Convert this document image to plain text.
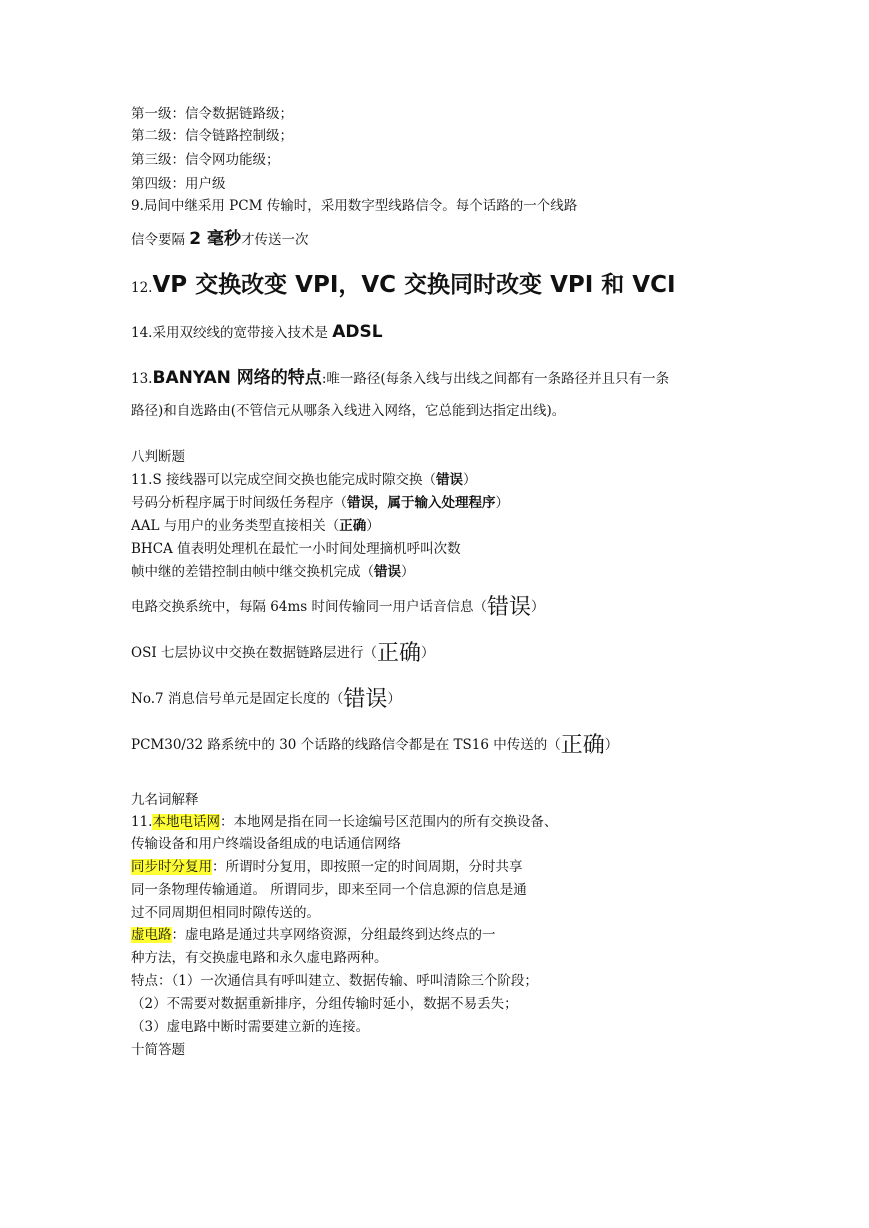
第一级：信令数据链路级；
第二级：信令链路控制级；
第三级：信令网功能级；
第四级：用户级
9.局间中继采用 PCM 传输时，采用数字型线路信令。每个话路的一个线路
信令要隔 2 毫秒才传送一次
12.VP 交换改变 VPI，VC 交换同时改变 VPI 和 VCI
14.采用双绞线的宽带接入技术是 ADSL
13.BANYAN 网络的特点:唯一路径(每条入线与出线之间都有一条路径并且只有一条
路径)和自选路由(不管信元从哪条入线进入网络，它总能到达指定出线)。
八判断题
11.S 接线器可以完成空间交换也能完成时隙交换（错误）
号码分析程序属于时间级任务程序（错误，属于输入处理程序）
AAL 与用户的业务类型直接相关（正确）
BHCA 值表明处理机在最忙一小时间处理摘机呼叫次数
帧中继的差错控制由帧中继交换机完成（错误）
电路交换系统中，每隔 64ms 时间传输同一用户话音信息（错误）
OSI 七层协议中交换在数据链路层进行（正确）
No.7 消息信号单元是固定长度的（错误）
PCM30/32 路系统中的 30 个话路的线路信令都是在 TS16 中传送的（正确）
九名词解释
11.本地电话网：本地网是指在同一长途编号区范围内的所有交换设备、
传输设备和用户终端设备组成的电话通信网络
同步时分复用：所谓时分复用，即按照一定的时间周期，分时共享
同一条物理传输通道。 所谓同步，即来至同一个信息源的信息是通
过不同周期但相同时隙传送的。
虚电路：虚电路是通过共享网络资源，分组最终到达终点的一
种方法，有交换虚电路和永久虚电路两种。
特点：（1）一次通信具有呼叫建立、数据传输、呼叫清除三个阶段；
（2）不需要对数据重新排序，分组传输时延小，数据不易丢失；
（3）虚电路中断时需要建立新的连接。
十简答题
